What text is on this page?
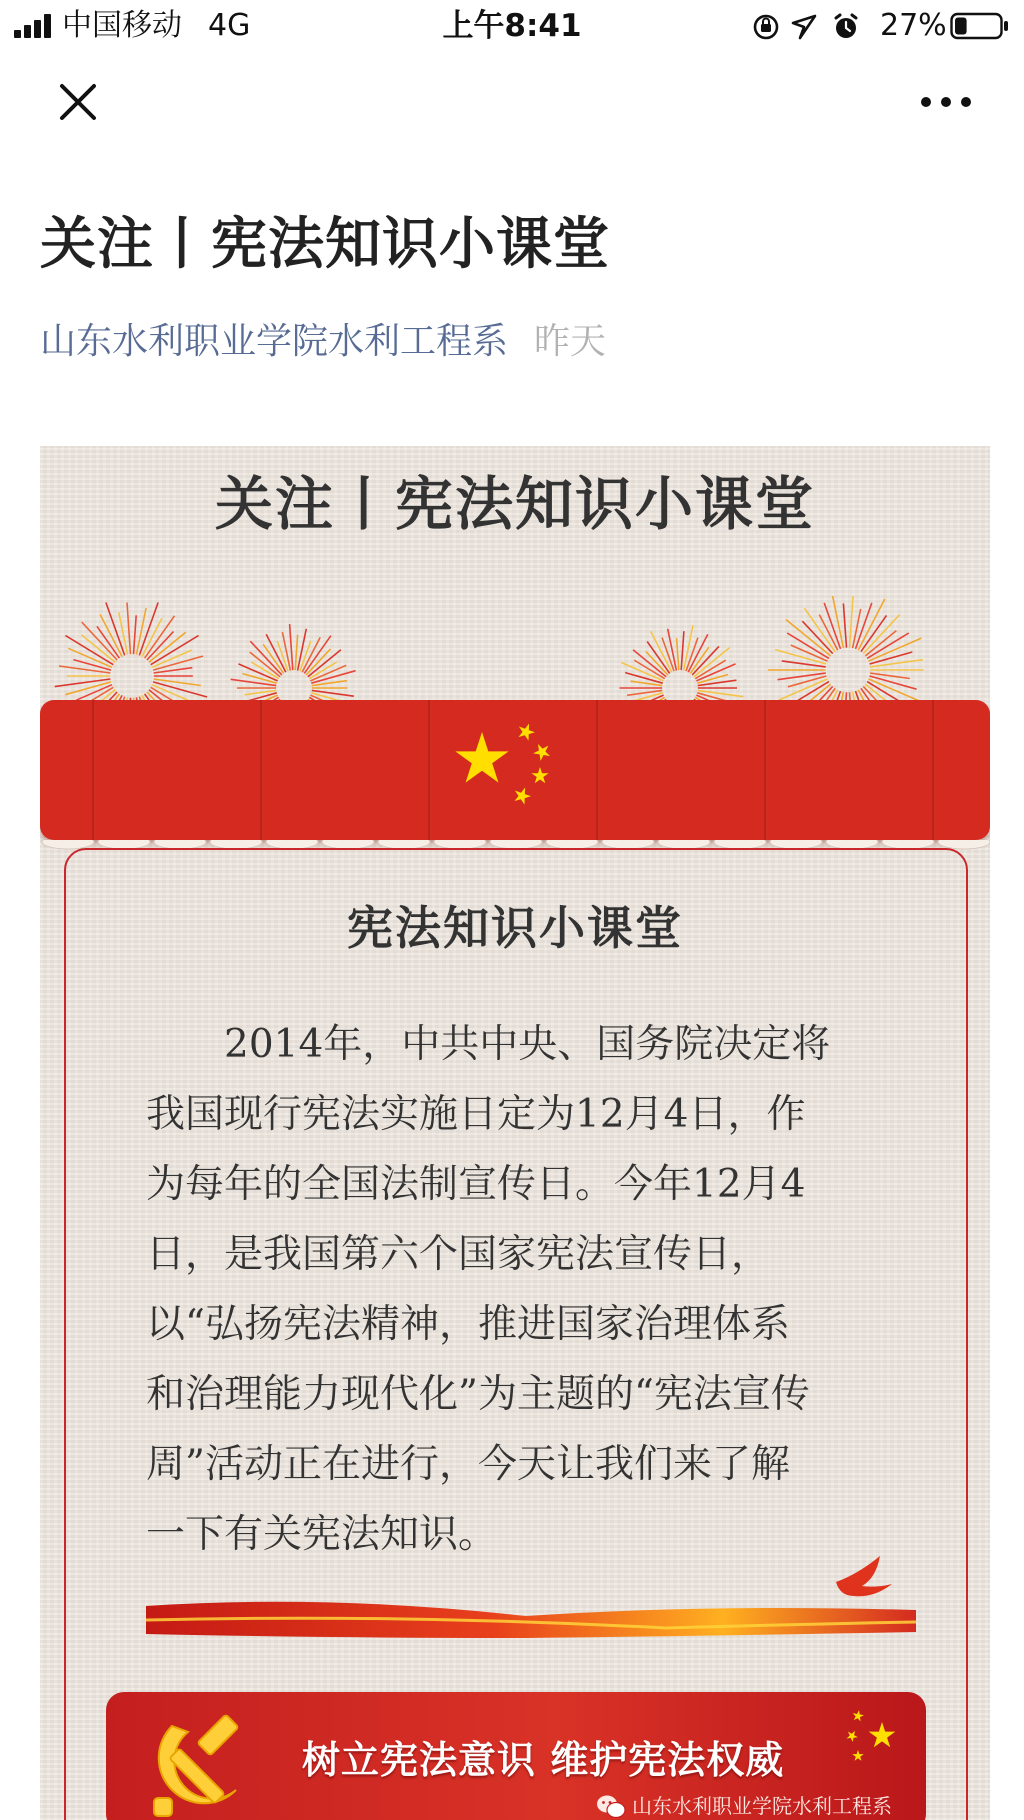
中国移动 4G	上午8:41	27%
关注丨宪法知识小课堂
山东水利职业学院水利工程系 昨天
关注丨宪法知识小课堂
宪法知识小课堂
2014年，中共中央、国务院决定将
我国现行宪法实施日定为12月4日，作
为每年的全国法制宣传日。今年12月4
日，是我国第六个国家宪法宣传日，
以“弘扬宪法精神，推进国家治理体系
和治理能力现代化”为主题的“宪法宣传
周”活动正在进行，今天让我们来了解
一下有关宪法知识。
树立宪法意识 维护宪法权威
山东水利职业学院水利工程系
